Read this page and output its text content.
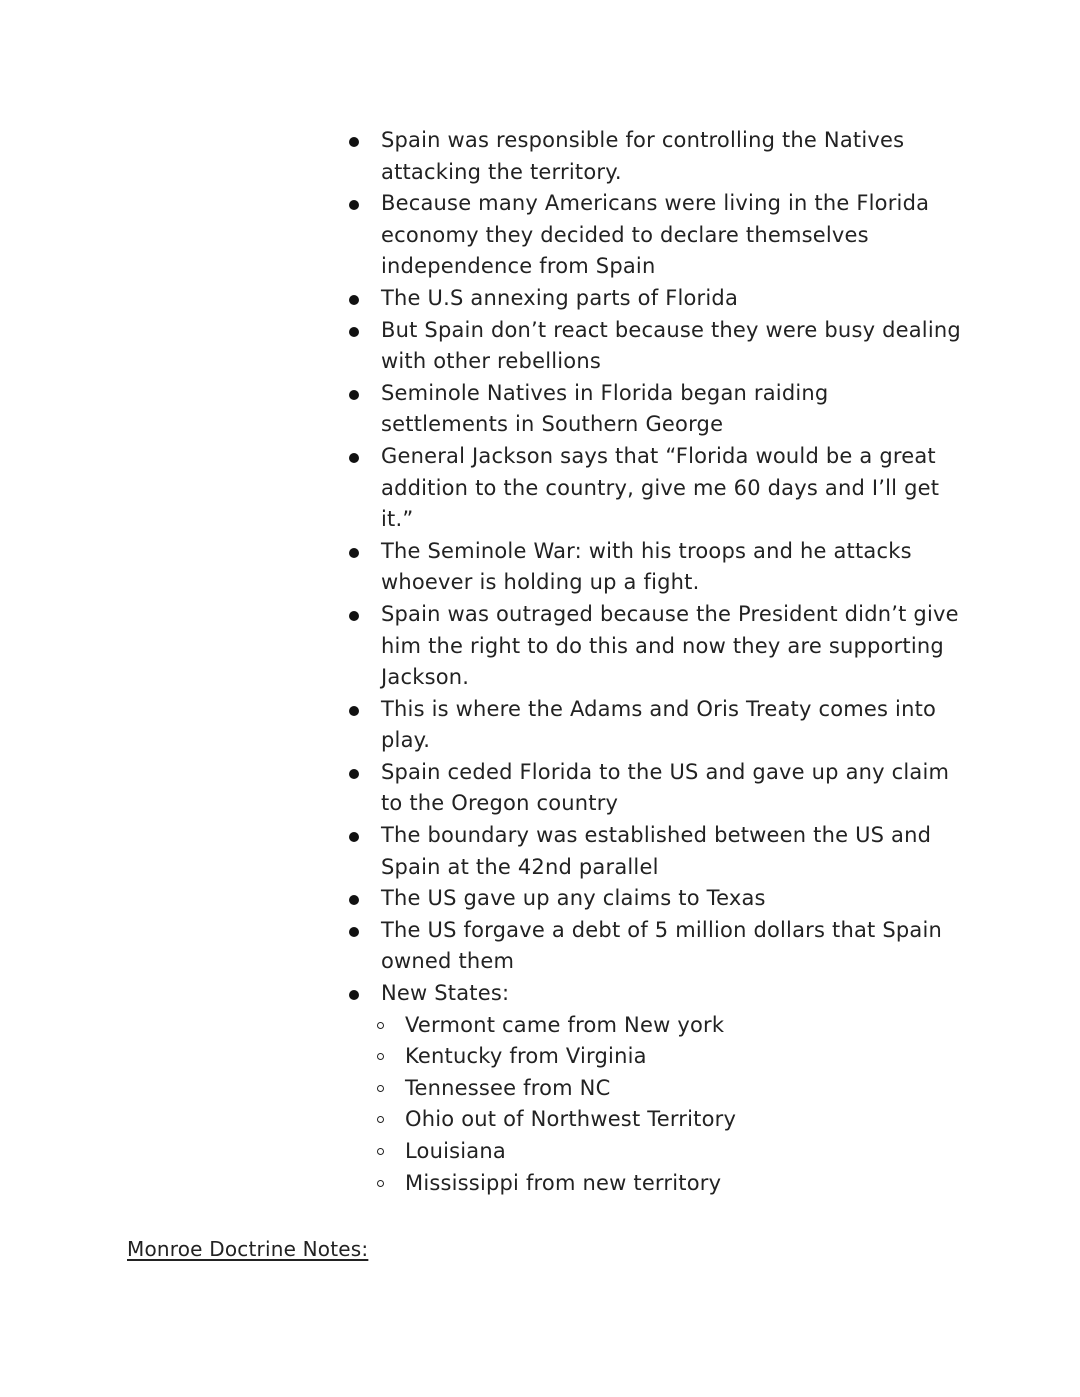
Spain was responsible for controlling the Natives attacking the territory.
Because many Americans were living in the Florida economy they decided to declare themselves independence from Spain
The U.S annexing parts of Florida
But Spain don’t react because they were busy dealing with other rebellions
Seminole Natives in Florida began raiding settlements in Southern George
General Jackson says that “Florida would be a great addition to the country, give me 60 days and I’ll get it.”
The Seminole War: with his troops and he attacks whoever is holding up a fight.
Spain was outraged because the President didn’t give him the right to do this and now they are supporting Jackson.
This is where the Adams and Oris Treaty comes into play.
Spain ceded Florida to the US and gave up any claim to the Oregon country
The boundary was established between the US and Spain at the 42nd parallel
The US gave up any claims to Texas
The US forgave a debt of 5 million dollars that Spain owned them
New States:
Vermont came from New york
Kentucky from Virginia
Tennessee from NC
Ohio out of Northwest Territory
Louisiana
Mississippi from new territory
Monroe Doctrine Notes:
